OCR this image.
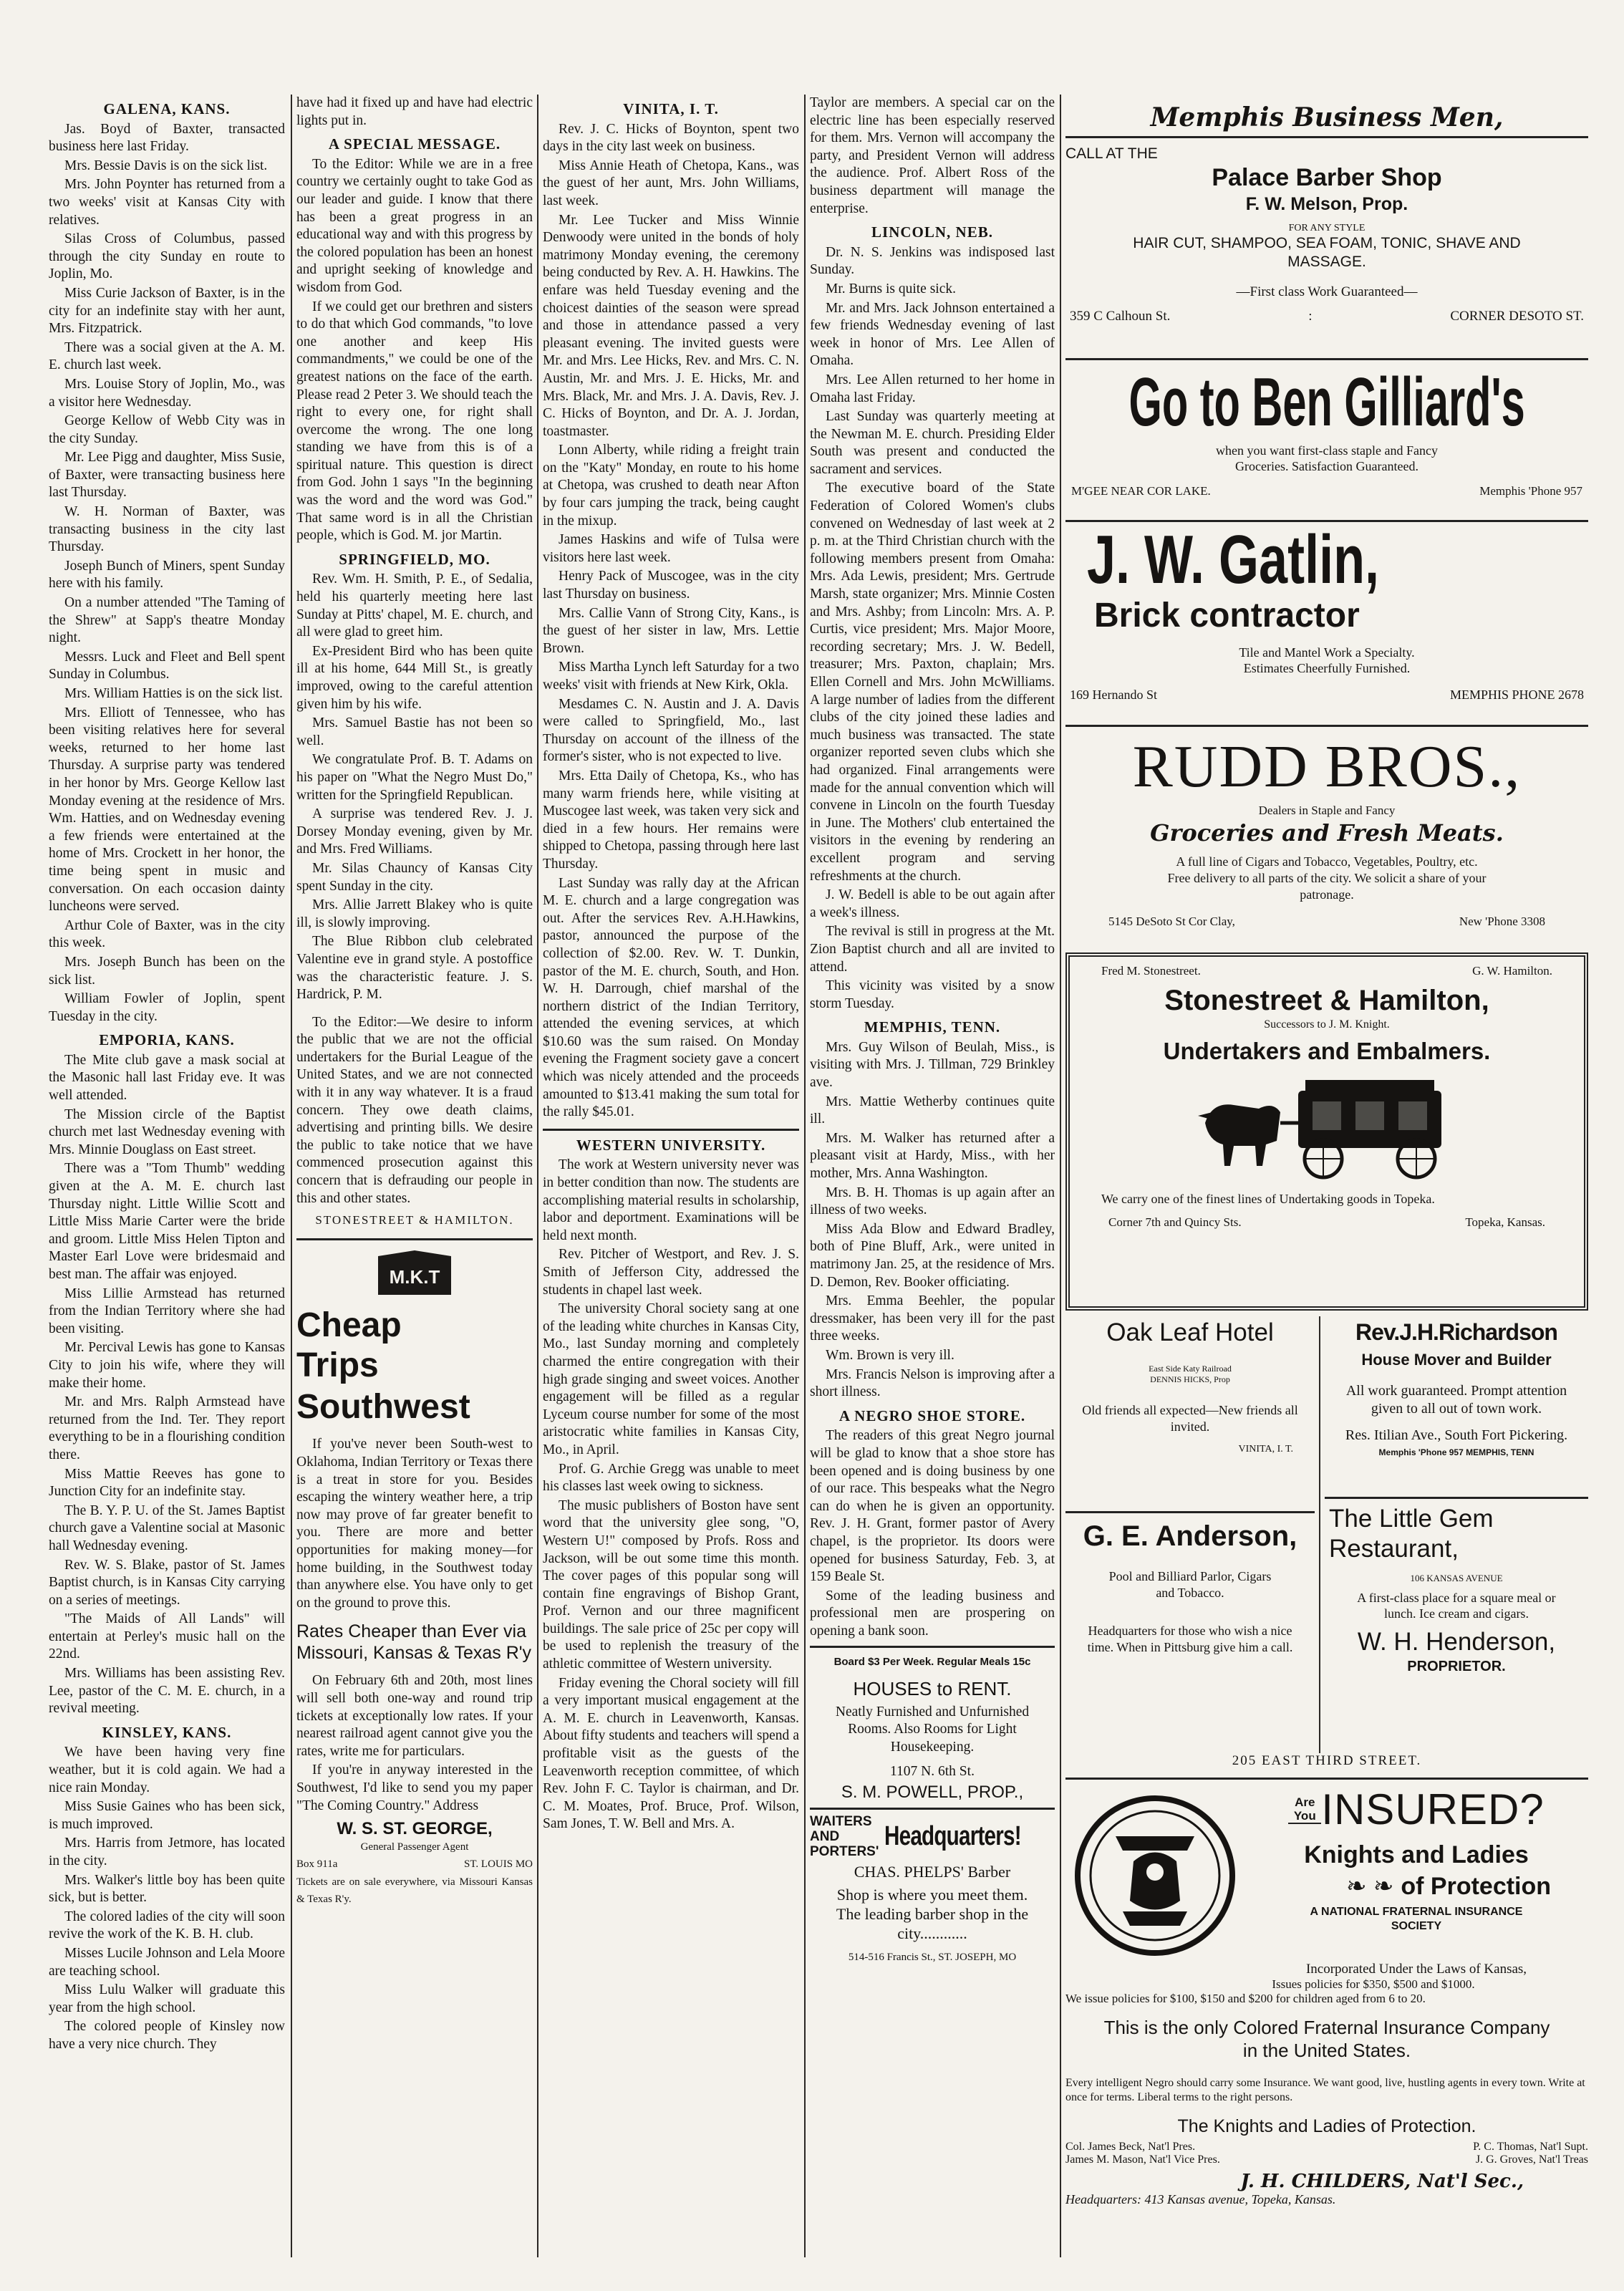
GALENA, KANS.

Jas. Boyd of Baxter, transacted business here last Friday.

Mrs. Bessie Davis is on the sick list.

Mrs. John Poynter has returned from a two weeks' visit at Kansas City with relatives.

Silas Cross of Columbus, passed through the city Sunday en route to Joplin, Mo.

Miss Curie Jackson of Baxter, is in the city for an indefinite stay with her aunt, Mrs. Fitzpatrick.

There was a social given at the A. M. E. church last week.

Mrs. Louise Story of Joplin, Mo., was a visitor here Wednesday.

George Kellow of Webb City was in the city Sunday.

Mr. Lee Pigg and daughter, Miss Susie, of Baxter, were transacting business here last Thursday.

W. H. Norman of Baxter, was transacting business in the city last Thursday.

Joseph Bunch of Miners, spent Sunday here with his family.

On a number attended "The Taming of the Shrew" at Sapp's theatre Monday night.

Messrs. Luck and Fleet and Bell spent Sunday in Columbus.

Mrs. William Hatties is on the sick list.

Mrs. Elliott of Tennessee, who has been visiting relatives here for several weeks, returned to her home last Thursday. A surprise party was tendered in her honor by Mrs. George Kellow last Monday evening at the residence of Mrs. Wm. Hatties, and on Wednesday evening a few friends were entertained at the home of Mrs. Crockett in her honor, the time being spent in music and conversation. On each occasion dainty luncheons were served.

Arthur Cole of Baxter, was in the city this week.

Mrs. Joseph Bunch has been on the sick list.

William Fowler of Joplin, spent Tuesday in the city.

EMPORIA, KANS.

The Mite club gave a mask social at the Masonic hall last Friday eve. It was well attended.

The Mission circle of the Baptist church met last Wednesday evening with Mrs. Minnie Douglass on East street.

There was a "Tom Thumb" wedding given at the A. M. E. church last Thursday night. Little Willie Scott and Little Miss Marie Carter were the bride and groom. Little Miss Helen Tipton and Master Earl Love were bridesmaid and best man. The affair was enjoyed.

Miss Lillie Armstead has returned from the Indian Territory where she had been visiting.

Mr. Percival Lewis has gone to Kansas City to join his wife, where they will make their home.

Mr. and Mrs. Ralph Armstead have returned from the Ind. Ter. They report everything to be in a flourishing condition there.

Miss Mattie Reeves has gone to Junction City for an indefinite stay.

The B. Y. P. U. of the St. James Baptist church gave a Valentine social at Masonic hall Wednesday evening.

Rev. W. S. Blake, pastor of St. James Baptist church, is in Kansas City carrying on a series of meetings.

"The Maids of All Lands" will entertain at Perley's music hall on the 22nd.

Mrs. Williams has been assisting Rev. Lee, pastor of the C. M. E. church, in a revival meeting.

KINSLEY, KANS.

We have been having very fine weather, but it is cold again. We had a nice rain Monday.

Miss Susie Gaines who has been sick, is much improved.

Mrs. Harris from Jetmore, has located in the city.

Mrs. Walker's little boy has been quite sick, but is better.

The colored ladies of the city will soon revive the work of the K. B. H. club.

Misses Lucile Johnson and Lela Moore are teaching school.

Miss Lulu Walker will graduate this year from the high school.

The colored people of Kinsley now have a very nice church. They

have had it fixed up and have had electric lights put in.

A SPECIAL MESSAGE.

To the Editor: While we are in a free country we certainly ought to take God as our leader and guide. I know that there has been a great progress in an educational way and with this progress by the colored population has been an honest and upright seeking of knowledge and wisdom from God.

If we could get our brethren and sisters to do that which God commands, "to love one another and keep His commandments," we could be one of the greatest nations on the face of the earth. Please read 2 Peter 3. We should teach the right to every one, for right shall overcome the wrong. The one long standing we have from this is of a spiritual nature. This question is direct from God. John 1 says "In the beginning was the word and the word was God." That same word is in all the Christian people, which is God. M. jor Martin.

SPRINGFIELD, MO.

Rev. Wm. H. Smith, P. E., of Sedalia, held his quarterly meeting here last Sunday at Pitts' chapel, M. E. church, and all were glad to greet him.

Ex-President Bird who has been quite ill at his home, 644 Mill St., is greatly improved, owing to the careful attention given him by his wife.

Mrs. Samuel Bastie has not been so well.

We congratulate Prof. B. T. Adams on his paper on "What the Negro Must Do," written for the Springfield Republican.

A surprise was tendered Rev. J. J. Dorsey Monday evening, given by Mr. and Mrs. Fred Williams.

Mr. Silas Chauncy of Kansas City spent Sunday in the city.

Mrs. Allie Jarrett Blakey who is quite ill, is slowly improving.

The Blue Ribbon club celebrated Valentine eve in grand style. A postoffice was the characteristic feature. J. S. Hardrick, P. M.

To the Editor:—We desire to inform the public that we are not the official undertakers for the Burial League of the United States, and we are not connected with it in any way whatever. It is a fraud concern. They owe death claims, advertising and printing bills. We desire the public to take notice that we have commenced prosecution against this concern that is defrauding our people in this and other states.

STONESTREET & HAMILTON.
M.K.T
Cheap
Trips
Southwest

If you've never been South-west to Oklahoma, Indian Territory or Texas there is a treat in store for you. Besides escaping the wintery weather here, a trip now may prove of far greater benefit to you. There are more and better opportunities for making money—for home building, in the Southwest today than anywhere else. You have only to get on the ground to prove this.

Rates Cheaper than Ever via Missouri, Kansas & Texas R'y

On February 6th and 20th, most lines will sell both one-way and round trip tickets at exceptionally low rates. If your nearest railroad agent cannot give you the rates, write me for particulars.

If you're in anyway interested in the Southwest, I'd like to send you my paper "The Coming Country." Address

W. S. ST. GEORGE,
General Passenger Agent
Box 911a	ST. LOUIS MO

Tickets are on sale everywhere, via Missouri Kansas & Texas R'y.

VINITA, I. T.

Rev. J. C. Hicks of Boynton, spent two days in the city last week on business.

Miss Annie Heath of Chetopa, Kans., was the guest of her aunt, Mrs. John Williams, last week.

Mr. Lee Tucker and Miss Winnie Denwoody were united in the bonds of holy matrimony Monday evening, the ceremony being conducted by Rev. A. H. Hawkins. The enfare was held Tuesday evening and the choicest dainties of the season were spread and those in attendance passed a very pleasant evening. The invited guests were Mr. and Mrs. Lee Hicks, Rev. and Mrs. C. N. Austin, Mr. and Mrs. J. E. Hicks, Mr. and Mrs. Black, Mr. and Mrs. J. A. Davis, Rev. J. C. Hicks of Boynton, and Dr. A. J. Jordan, toastmaster.

Lonn Alberty, while riding a freight train on the "Katy" Monday, en route to his home at Chetopa, was crushed to death near Afton by four cars jumping the track, being caught in the mixup.

James Haskins and wife of Tulsa were visitors here last week.

Henry Pack of Muscogee, was in the city last Thursday on business.

Mrs. Callie Vann of Strong City, Kans., is the guest of her sister in law, Mrs. Lettie Brown.

Miss Martha Lynch left Saturday for a two weeks' visit with friends at New Kirk, Okla.

Mesdames C. N. Austin and J. A. Davis were called to Springfield, Mo., last Thursday on account of the illness of the former's sister, who is not expected to live.

Mrs. Etta Daily of Chetopa, Ks., who has many warm friends here, while visiting at Muscogee last week, was taken very sick and died in a few hours. Her remains were shipped to Chetopa, passing through here last Thursday.

Last Sunday was rally day at the African M. E. church and a large congregation was out. After the services Rev. A.H.Hawkins, pastor, announced the purpose of the collection of $2.00. Rev. W. T. Dunkin, pastor of the M. E. church, South, and Hon. W. H. Darrough, chief marshal of the northern district of the Indian Territory, attended the evening services, at which $10.60 was the sum raised. On Monday evening the Fragment society gave a concert which was nicely attended and the proceeds amounted to $13.41 making the sum total for the rally $45.01.

WESTERN UNIVERSITY.

The work at Western university never was in better condition than now. The students are accomplishing material results in scholarship, labor and deportment. Examinations will be held next month.

Rev. Pitcher of Westport, and Rev. J. S. Smith of Jefferson City, addressed the students in chapel last week.

The university Choral society sang at one of the leading white churches in Kansas City, Mo., last Sunday morning and completely charmed the entire congregation with their high grade singing and sweet voices. Another engagement will be filled as a regular Lyceum course number for some of the most aristocratic white families in Kansas City, Mo., in April.

Prof. G. Archie Gregg was unable to meet his classes last week owing to sickness.

The music publishers of Boston have sent word that the university glee song, "O, Western U!" composed by Profs. Ross and Jackson, will be out some time this month. The cover pages of this popular song will contain fine engravings of Bishop Grant, Prof. Vernon and our three magnificent buildings. The sale price of 25c per copy will be used to replenish the treasury of the athletic committee of Western university.

Friday evening the Choral society will fill a very important musical engagement at the A. M. E. church in Leavenworth, Kansas. About fifty students and teachers will spend a profitable visit as the guests of the Leavenworth reception committee, of which Rev. John F. C. Taylor is chairman, and Dr. C. M. Moates, Prof. Bruce, Prof. Wilson, Sam Jones, T. W. Bell and Mrs. A.

Taylor are members. A special car on the electric line has been especially reserved for them. Mrs. Vernon will accompany the party, and President Vernon will address the audience. Prof. Albert Ross of the business department will manage the enterprise.

LINCOLN, NEB.

Dr. N. S. Jenkins was indisposed last Sunday.

Mr. Burns is quite sick.

Mr. and Mrs. Jack Johnson entertained a few friends Wednesday evening of last week in honor of Mrs. Lee Allen of Omaha.

Mrs. Lee Allen returned to her home in Omaha last Friday.

Last Sunday was quarterly meeting at the Newman M. E. church. Presiding Elder South was present and conducted the sacrament and services.

The executive board of the State Federation of Colored Women's clubs convened on Wednesday of last week at 2 p. m. at the Third Christian church with the following members present from Omaha: Mrs. Ada Lewis, president; Mrs. Gertrude Marsh, state organizer; Mrs. Minnie Costen and Mrs. Ashby; from Lincoln: Mrs. A. P. Curtis, vice president; Mrs. Major Moore, recording secretary; Mrs. J. W. Bedell, treasurer; Mrs. Paxton, chaplain; Mrs. Ellen Cornell and Mrs. John McWilliams. A large number of ladies from the different clubs of the city joined these ladies and much business was transacted. The state organizer reported seven clubs which she had organized. Final arrangements were made for the annual convention which will convene in Lincoln on the fourth Tuesday in June. The Mothers' club entertained the visitors in the evening by rendering an excellent program and serving refreshments at the church.

J. W. Bedell is able to be out again after a week's illness.

The revival is still in progress at the Mt. Zion Baptist church and all are invited to attend.

This vicinity was visited by a snow storm Tuesday.

MEMPHIS, TENN.

Mrs. Guy Wilson of Beulah, Miss., is visiting with Mrs. J. Tillman, 729 Brinkley ave.

Mrs. Mattie Wetherby continues quite ill.

Mrs. M. Walker has returned after a pleasant visit at Hardy, Miss., with her mother, Mrs. Anna Washington.

Mrs. B. H. Thomas is up again after an illness of two weeks.

Miss Ada Blow and Edward Bradley, both of Pine Bluff, Ark., were united in matrimony Jan. 25, at the residence of Mrs. D. Demon, Rev. Booker officiating.

Mrs. Emma Beehler, the popular dressmaker, has been very ill for the past three weeks.

Wm. Brown is very ill.

Mrs. Francis Nelson is improving after a short illness.

A NEGRO SHOE STORE.

The readers of this great Negro journal will be glad to know that a shoe store has been opened and is doing business by one of our race. This bespeaks what the Negro can do when he is given an opportunity. Rev. J. H. Grant, former pastor of Avery chapel, is the proprietor. Its doors were opened for business Saturday, Feb. 3, at 159 Beale St.

Some of the leading business and professional men are prospering on opening a bank soon.

Board $3 Per Week. Regular Meals 15c
HOUSES to RENT.
Neatly Furnished and Unfurnished Rooms. Also Rooms for Light Housekeeping.
1107 N. 6th St.
S. M. POWELL, PROP.,
WAITERS AND PORTERS'
Headquarters!
CHAS. PHELPS' Barber
Shop is where you meet them. The leading barber shop in the city............
514-516 Francis St., ST. JOSEPH, MO
Memphis Business Men,
CALL AT THE
Palace Barber Shop
F. W. Melson, Prop.
FOR ANY STYLE
HAIR CUT, SHAMPOO, SEA FOAM, TONIC, SHAVE AND MASSAGE.
—First class Work Guaranteed—
359 C Calhoun St.	:	CORNER DESOTO ST.
Go to Ben Gilliard's
when you want first-class staple and Fancy Groceries. Satisfaction Guaranteed.
M'GEE NEAR COR LAKE.	Memphis 'Phone 957
J. W. Gatlin,
Brick contractor
Tile and Mantel Work a Specialty. Estimates Cheerfully Furnished.
169 Hernando St	MEMPHIS PHONE 2678
RUDD BROS.,
Dealers in Staple and Fancy
Groceries and Fresh Meats.
A full line of Cigars and Tobacco, Vegetables, Poultry, etc. Free delivery to all parts of the city. We solicit a share of your patronage.
5145 DeSoto St Cor Clay,	New 'Phone 3308
Fred M. Stonestreet.	G. W. Hamilton.
Stonestreet & Hamilton,
Successors to J. M. Knight.
Undertakers and Embalmers.
We carry one of the finest lines of Undertaking goods in Topeka.
Corner 7th and Quincy Sts.	Topeka, Kansas.
Oak Leaf Hotel
East Side Katy Railroad
DENNIS HICKS, Prop
Old friends all expected—New friends all invited.
VINITA, I. T.
G. E. Anderson,
Pool and Billiard Parlor, Cigars and Tobacco.
Headquarters for those who wish a nice time. When in Pittsburg give him a call.
Rev.J.H.Richardson
House Mover and Builder
All work guaranteed. Prompt attention given to all out of town work.
Res. Itilian Ave., South Fort Pickering.
Memphis 'Phone 957 MEMPHIS, TENN
The Little Gem Restaurant,
106 KANSAS AVENUE
A first-class place for a square meal or lunch. Ice cream and cigars.
W. H. Henderson,
PROPRIETOR.
205 EAST THIRD STREET.
Are You INSURED?
Knights and Ladies
❧ ❧ of Protection
A NATIONAL FRATERNAL INSURANCE SOCIETY
Incorporated Under the Laws of Kansas,
Issues policies for $350, $500 and $1000.
We issue policies for $100, $150 and $200 for children aged from 6 to 20.
This is the only Colored Fraternal Insurance Company in the United States.
Every intelligent Negro should carry some Insurance. We want good, live, hustling agents in every town. Write at once for terms. Liberal terms to the right persons.
The Knights and Ladies of Protection.
Col. James Beck, Nat'l Pres.	P. C. Thomas, Nat'l Supt.
James M. Mason, Nat'l Vice Pres.	J. G. Groves, Nat'l Treas
J. H. CHILDERS, Nat'l Sec.,
Headquarters: 413 Kansas avenue, Topeka, Kansas.
